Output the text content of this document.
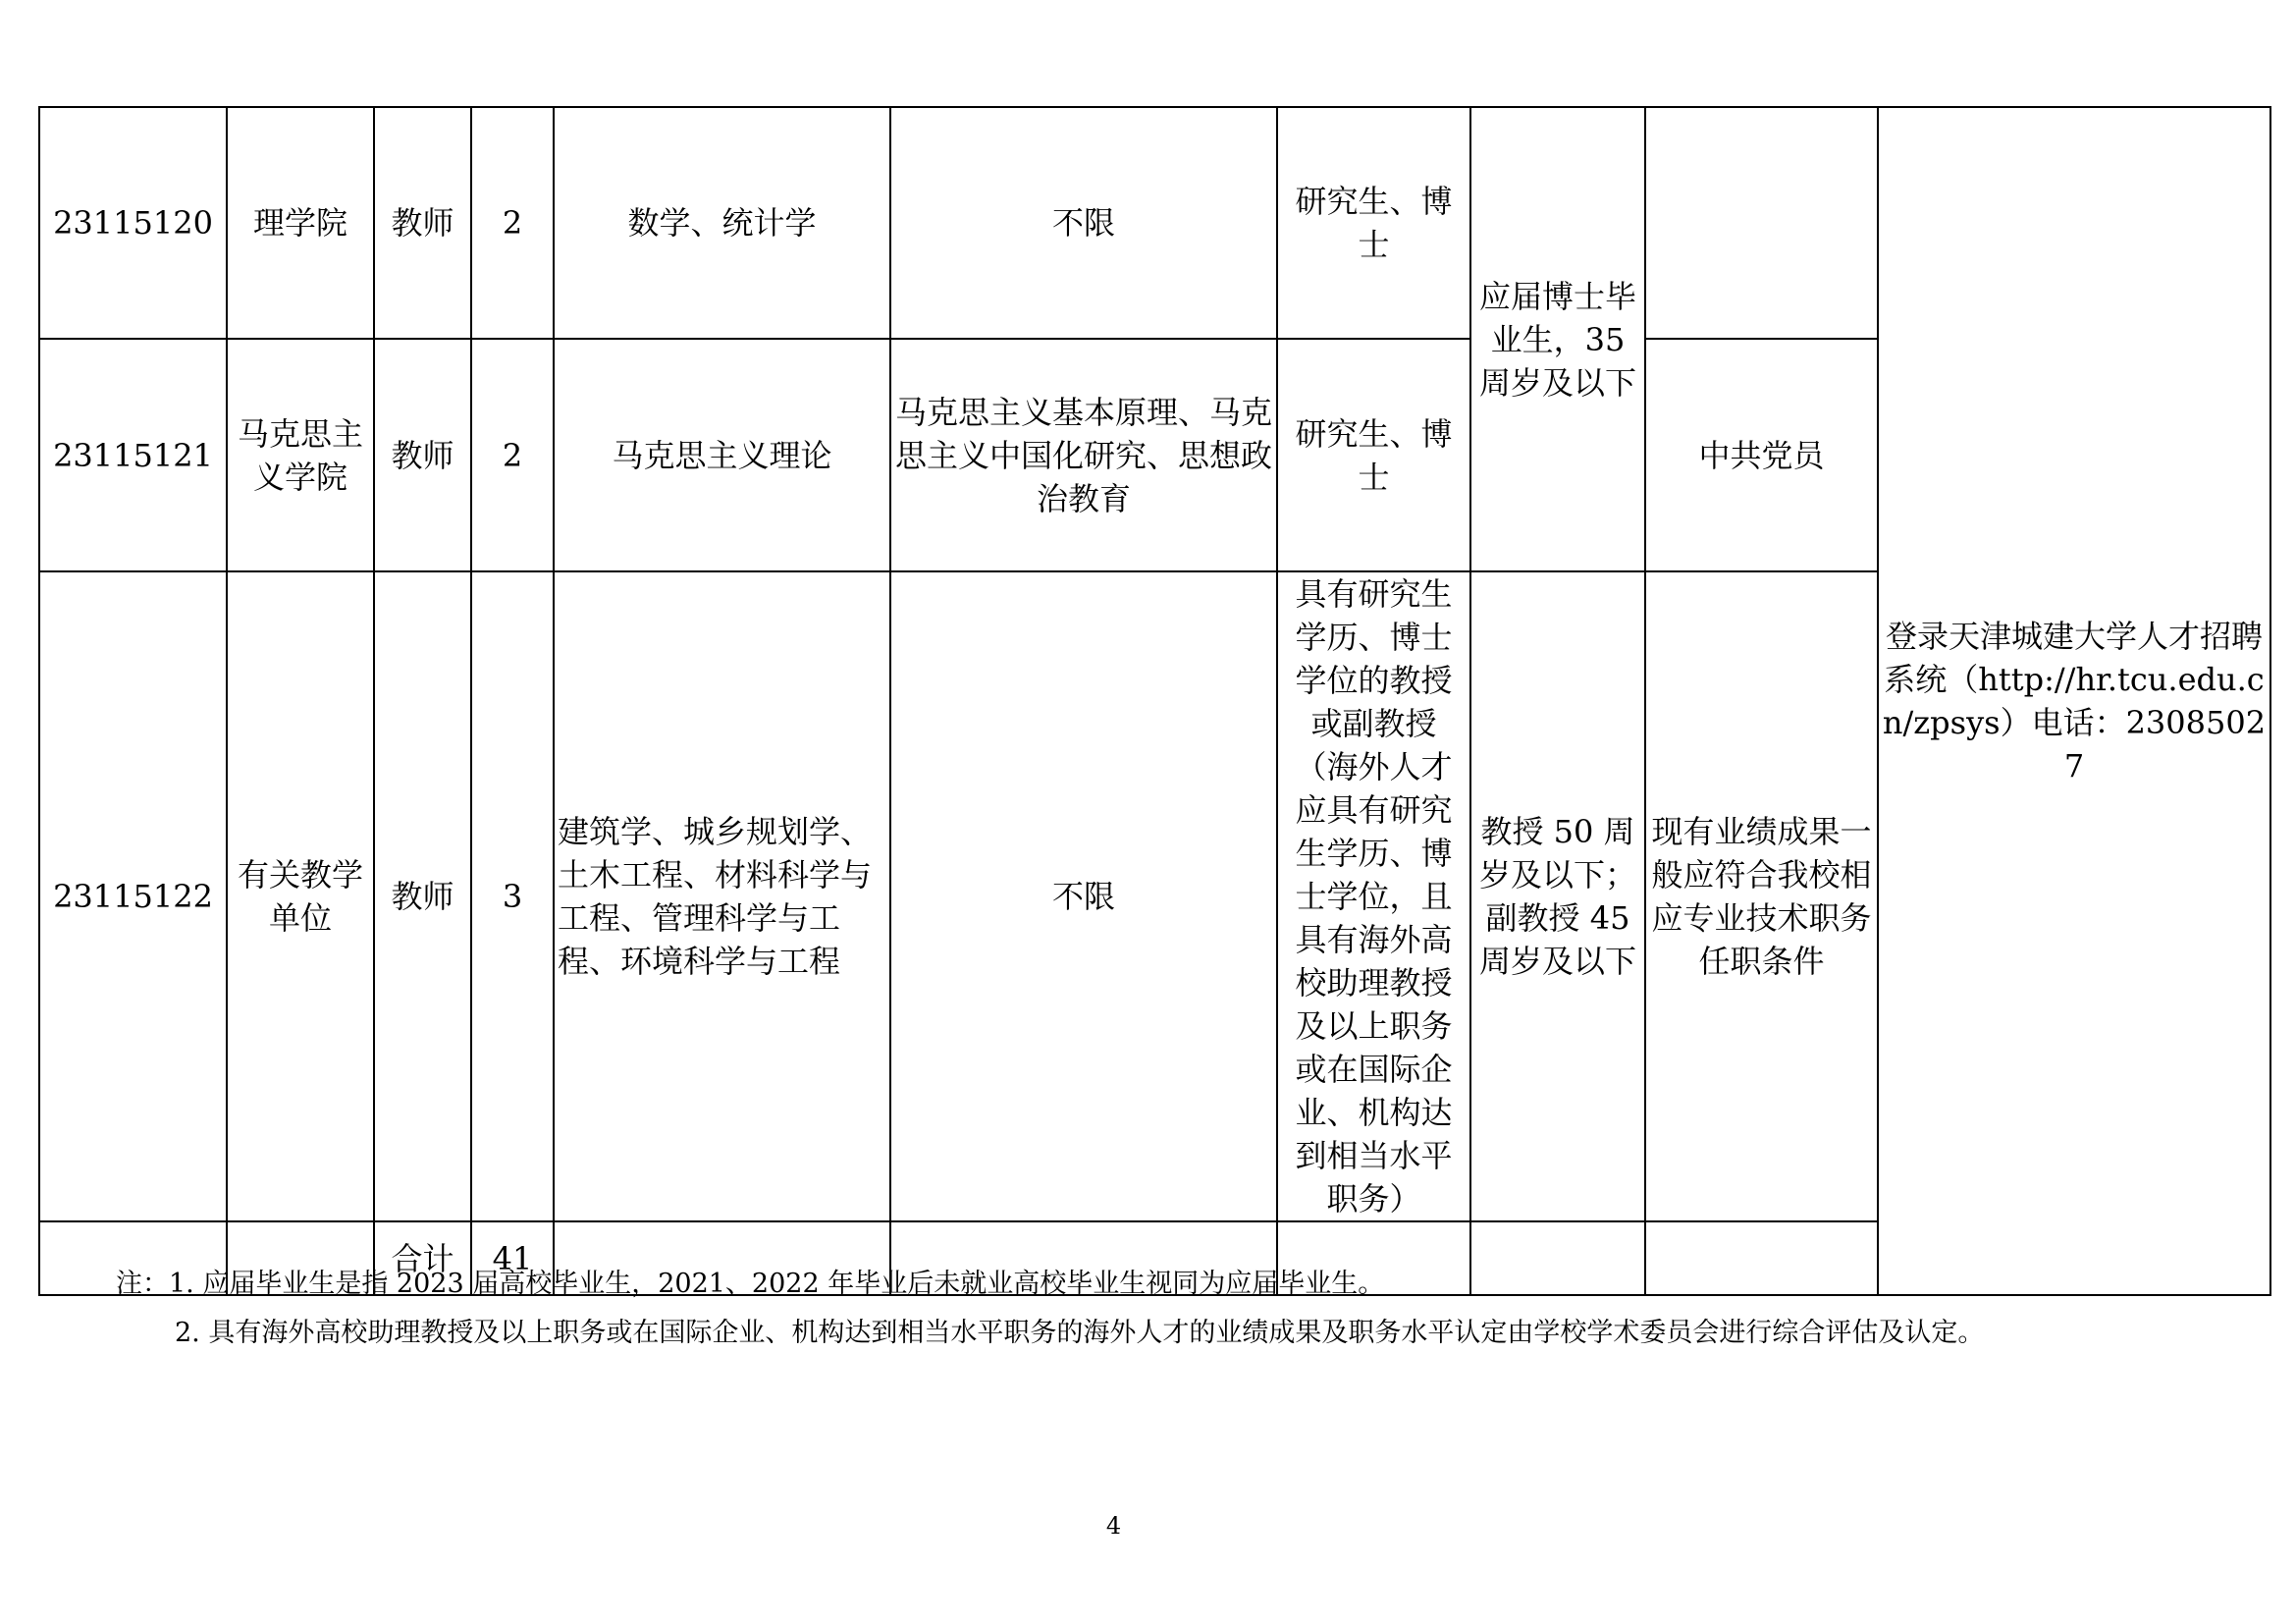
23115120	理学院	教师	2	数学、统计学	不限	研究生、博士	应届博士毕业生，35 周岁及以下		登录天津城建大学人才招聘系统（http://hr.tcu.edu.cn/zpsys）电话：23085027
23115121	马克思主义学院	教师	2	马克思主义理论	马克思主义基本原理、马克思主义中国化研究、思想政治教育	研究生、博士		中共党员	
23115122	有关教学单位	教师	3	建筑学、城乡规划学、土木工程、材料科学与工程、管理科学与工程、环境科学与工程	不限	具有研究生学历、博士学位的教授或副教授（海外人才应具有研究生学历、博士学位，且具有海外高校助理教授及以上职务或在国际企业、机构达到相当水平职务）	教授 50 周岁及以下；副教授 45 周岁及以下	现有业绩成果一般应符合我校相应专业技术职务任职条件	
		合计	41						
注：1. 应届毕业生是指 2023 届高校毕业生，2021、2022 年毕业后未就业高校毕业生视同为应届毕业生。
2. 具有海外高校助理教授及以上职务或在国际企业、机构达到相当水平职务的海外人才的业绩成果及职务水平认定由学校学术委员会进行综合评估及认定。
4
